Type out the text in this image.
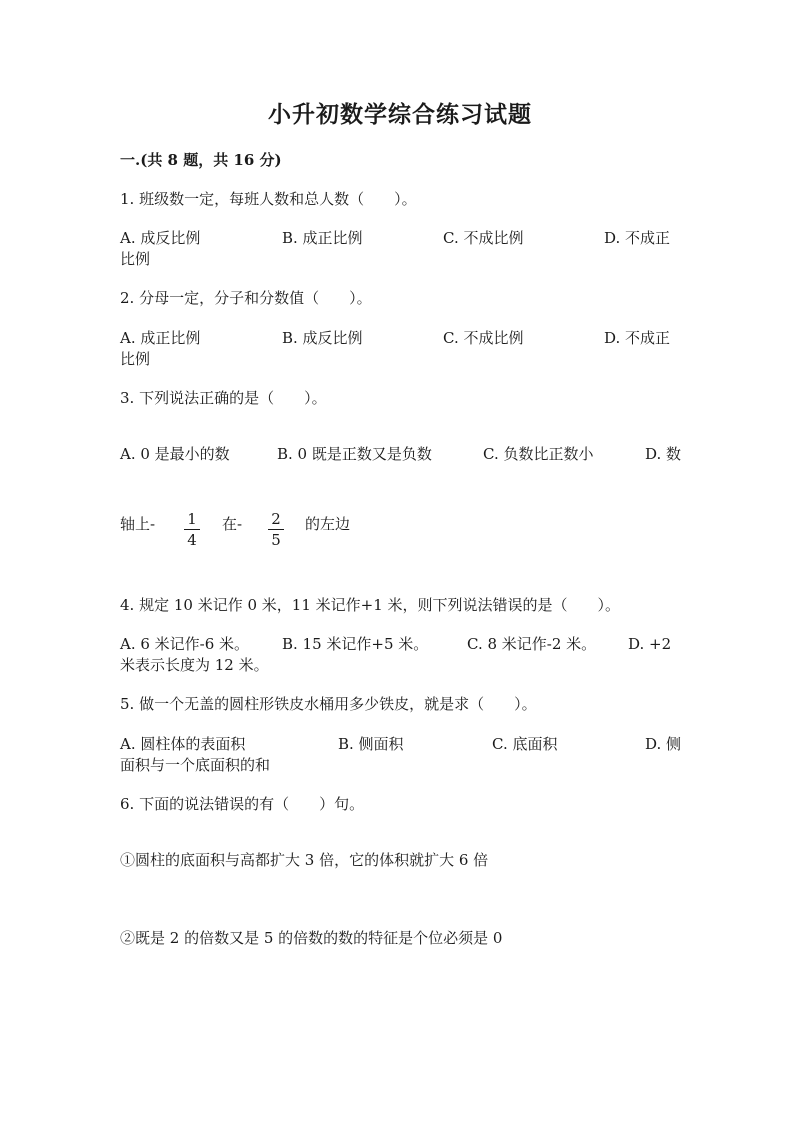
小升初数学综合练习试题
一.(共 8 题，共 16 分)
1. 班级数一定，每班人数和总人数（　　）。
A. 成反比例	B. 成正比例	C. 不成比例	D. 不成正
比例
2. 分母一定，分子和分数值（　　）。
A. 成正比例	B. 成反比例	C. 不成比例	D. 不成正
比例
3. 下列说法正确的是（　　）。
A. 0 是最小的数	B. 0 既是正数又是负数	C. 负数比正数小	D. 数
轴上- $\frac{1}{4}$ 在- $\frac{2}{5}$ 的左边
4. 规定 10 米记作 0 米，11 米记作+1 米，则下列说法错误的是（　　）。
A. 6 米记作-6 米。 B. 15 米记作+5 米。	C. 8 米记作-2 米。 D. +2
米表示长度为 12 米。
5. 做一个无盖的圆柱形铁皮水桶用多少铁皮，就是求（　　）。
A. 圆柱体的表面积	B. 侧面积	C. 底面积	D. 侧
面积与一个底面积的和
6. 下面的说法错误的有（　　）句。
①圆柱的底面积与高都扩大 3 倍，它的体积就扩大 6 倍
②既是 2 的倍数又是 5 的倍数的数的特征是个位必须是 0
